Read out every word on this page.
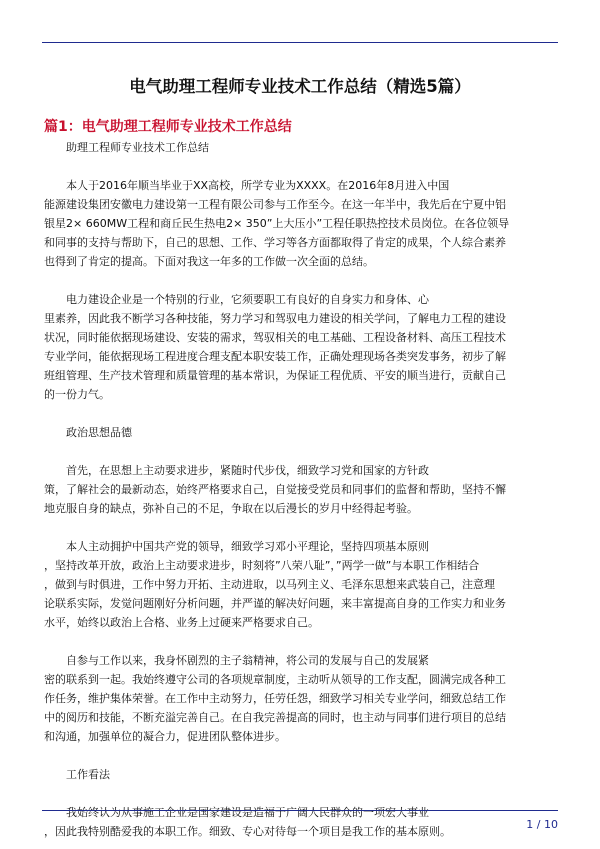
电气助理工程师专业技术工作总结（精选5篇）
篇1：电气助理工程师专业技术工作总结

助理工程师专业技术工作总结

本人于2016年顺当毕业于XX高校，所学专业为XXXX。在2016年8月进入中国

能源建设集团安徽电力建设第一工程有限公司参与工作至今。在这一年半中，我先后在宁夏中铝

银星2× 660MW工程和商丘民生热电2× 350”上大压小”工程任职热控技术员岗位。在各位领导

和同事的支持与帮助下，自己的思想、工作、学习等各方面都取得了肯定的成果，个人综合素养

也得到了肯定的提高。下面对我这一年多的工作做一次全面的总结。

电力建设企业是一个特别的行业，它须要职工有良好的自身实力和身体、心

里素养，因此我不断学习各种技能，努力学习和驾驭电力建设的相关学问，了解电力工程的建设

状况，同时能依据现场建设、安装的需求，驾驭相关的电工基础、工程设备材料、高压工程技术

专业学问，能依据现场工程进度合理支配本职安装工作，正确处理现场各类突发事务，初步了解

班组管理、生产技术管理和质量管理的基本常识，为保证工程优质、平安的顺当进行，贡献自己

的一份力气。

政治思想品德

首先，在思想上主动要求进步，紧随时代步伐，细致学习党和国家的方针政

策，了解社会的最新动态，始终严格要求自己，自觉接受党员和同事们的监督和帮助，坚持不懈

地克服自身的缺点，弥补自己的不足，争取在以后漫长的岁月中经得起考验。

本人主动拥护中国共产党的领导，细致学习邓小平理论，坚持四项基本原则

，坚持改革开放，政治上主动要求进步，时刻将”八荣八耻”，”两学一做”与本职工作相结合

，做到与时俱进，工作中努力开拓、主动进取，以马列主义、毛泽东思想来武装自己，注意理

论联系实际，发觉问题刚好分析问题，并严谨的解决好问题，来丰富提高自身的工作实力和业务

水平，始终以政治上合格、业务上过硬来严格要求自己。

自参与工作以来，我身怀剧烈的主子翁精神，将公司的发展与自己的发展紧

密的联系到一起。我始终遵守公司的各项规章制度，主动听从领导的工作支配，圆满完成各种工

作任务，维护集体荣誉。在工作中主动努力，任劳任怨，细致学习相关专业学问，细致总结工作

中的阅历和技能，不断充溢完善自己。在自我完善提高的同时，也主动与同事们进行项目的总结

和沟通，加强单位的凝合力，促进团队整体进步。

工作看法

我始终认为从事施工企业是国家建设是造福于广阔人民群众的一项宏大事业

，因此我特别酷爱我的本职工作。细致、专心对待每一个项目是我工作的基本原则。

1 / 10
